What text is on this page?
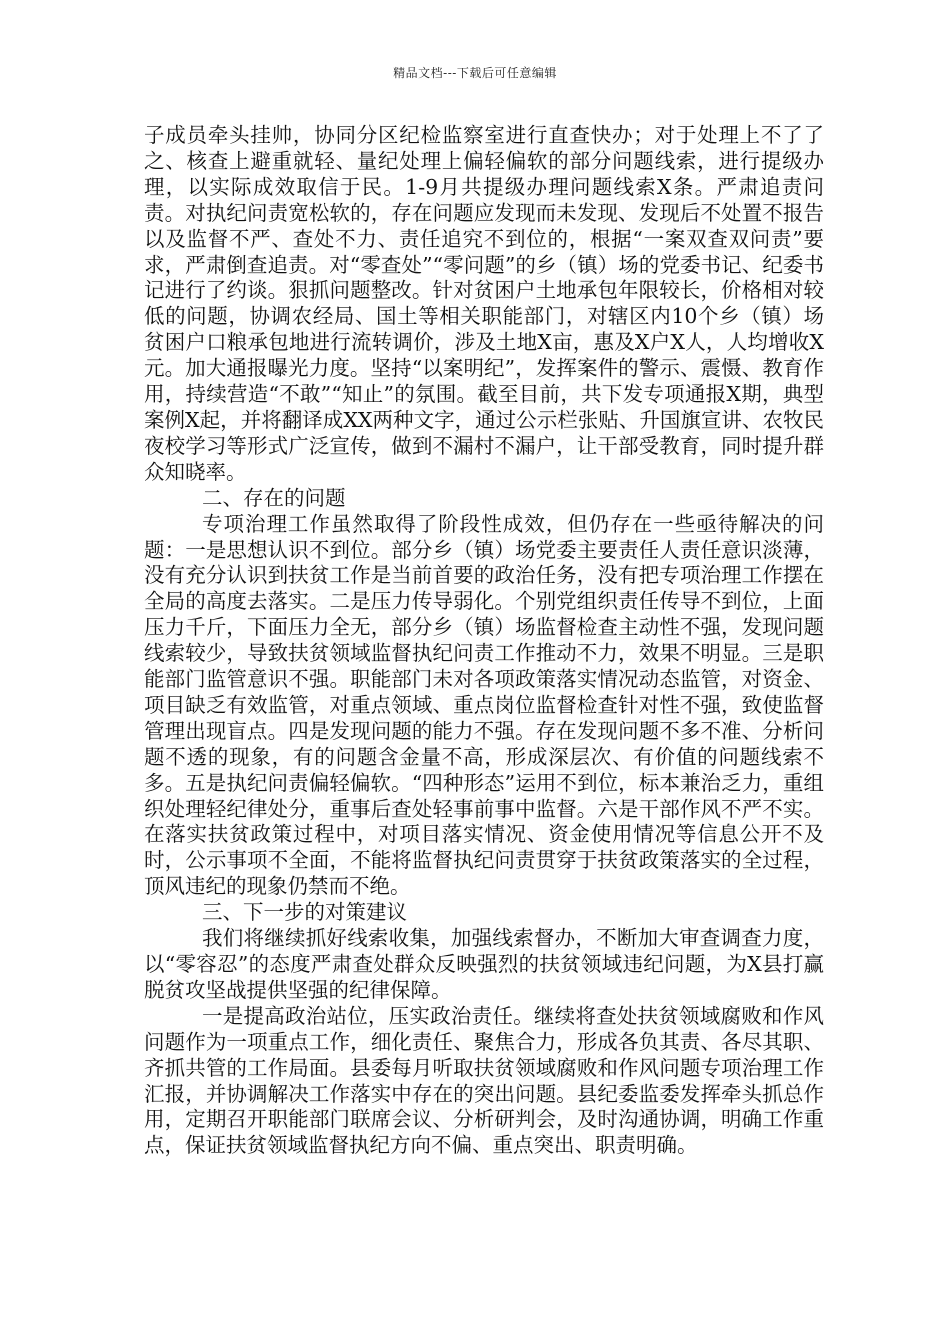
精品文档---下载后可任意编辑

子成员牵头挂帅，协同分区纪检监察室进行直查快办；对于处理上不了了之、核查上避重就轻、量纪处理上偏轻偏软的部分问题线索，进行提级办理，以实际成效取信于民。1-9月共提级办理问题线索X条。严肃追责问责。对执纪问责宽松软的，存在问题应发现而未发现、发现后不处置不报告以及监督不严、查处不力、责任追究不到位的，根据“一案双查双问责”要求，严肃倒查追责。对“零查处”“零问题”的乡（镇）场的党委书记、纪委书记进行了约谈。狠抓问题整改。针对贫困户土地承包年限较长，价格相对较低的问题，协调农经局、国土等相关职能部门，对辖区内10个乡（镇）场贫困户口粮承包地进行流转调价，涉及土地X亩，惠及X户X人，人均增收X元。加大通报曝光力度。坚持“以案明纪”，发挥案件的警示、震慑、教育作用，持续营造“不敢”“知止”的氛围。截至目前，共下发专项通报X期，典型案例X起，并将翻译成XX两种文字，通过公示栏张贴、升国旗宣讲、农牧民夜校学习等形式广泛宣传，做到不漏村不漏户，让干部受教育，同时提升群众知晓率。

二、存在的问题

专项治理工作虽然取得了阶段性成效，但仍存在一些亟待解决的问题：一是思想认识不到位。部分乡（镇）场党委主要责任人责任意识淡薄，没有充分认识到扶贫工作是当前首要的政治任务，没有把专项治理工作摆在全局的高度去落实。二是压力传导弱化。个别党组织责任传导不到位，上面压力千斤，下面压力全无，部分乡（镇）场监督检查主动性不强，发现问题线索较少，导致扶贫领域监督执纪问责工作推动不力，效果不明显。三是职能部门监管意识不强。职能部门未对各项政策落实情况动态监管，对资金、项目缺乏有效监管，对重点领域、重点岗位监督检查针对性不强，致使监督管理出现盲点。四是发现问题的能力不强。存在发现问题不多不准、分析问题不透的现象，有的问题含金量不高，形成深层次、有价值的问题线索不多。五是执纪问责偏轻偏软。“四种形态”运用不到位，标本兼治乏力，重组织处理轻纪律处分，重事后查处轻事前事中监督。六是干部作风不严不实。在落实扶贫政策过程中，对项目落实情况、资金使用情况等信息公开不及时，公示事项不全面，不能将监督执纪问责贯穿于扶贫政策落实的全过程，顶风违纪的现象仍禁而不绝。

三、下一步的对策建议

我们将继续抓好线索收集，加强线索督办，不断加大审查调查力度，以“零容忍”的态度严肃查处群众反映强烈的扶贫领域违纪问题，为X县打赢脱贫攻坚战提供坚强的纪律保障。

一是提高政治站位，压实政治责任。继续将查处扶贫领域腐败和作风问题作为一项重点工作，细化责任、聚焦合力，形成各负其责、各尽其职、齐抓共管的工作局面。县委每月听取扶贫领域腐败和作风问题专项治理工作汇报，并协调解决工作落实中存在的突出问题。县纪委监委发挥牵头抓总作用，定期召开职能部门联席会议、分析研判会，及时沟通协调，明确工作重点，保证扶贫领域监督执纪方向不偏、重点突出、职责明确。
